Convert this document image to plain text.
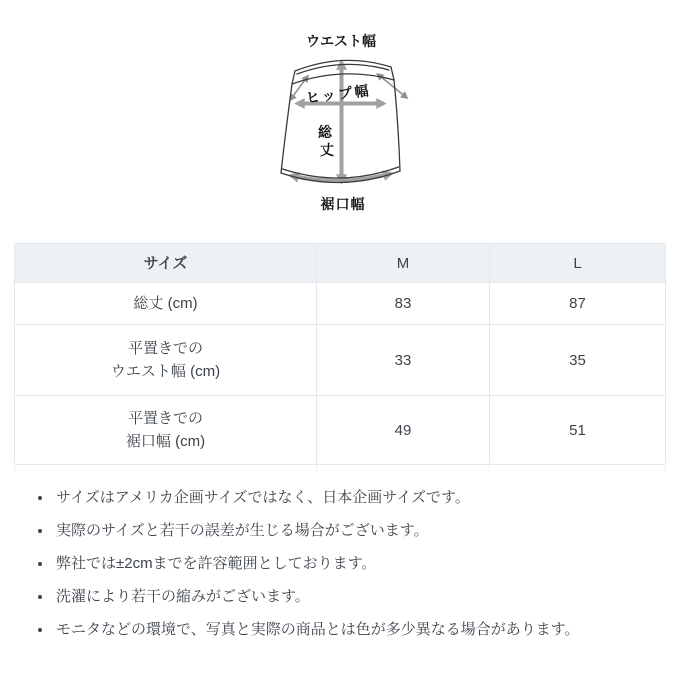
ウエスト幅
ヒップ幅
総
丈
裾口幅
サイズ	M	L
総丈 (cm)	83	87
平置きでの
ウエスト幅 (cm)
33	35
平置きでの
裾口幅 (cm)
49	51
サイズはアメリカ企画サイズではなく、日本企画サイズです。
実際のサイズと若干の誤差が生じる場合がございます。
弊社では±2cmまでを許容範囲としております。
洗濯により若干の縮みがございます。
モニタなどの環境で、写真と実際の商品とは色が多少異なる場合があります。
